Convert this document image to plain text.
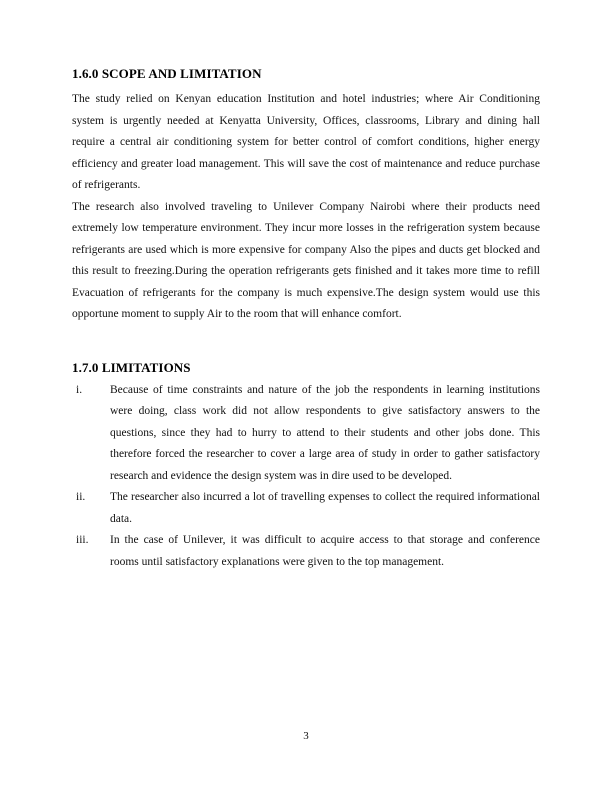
1.6.0 SCOPE AND LIMITATION

The study relied on Kenyan education Institution and hotel industries; where Air Conditioning system is urgently needed at Kenyatta University, Offices, classrooms, Library and dining hall require a central air conditioning system for better control of comfort conditions, higher energy efficiency and greater load management. This will save the cost of maintenance and reduce purchase of refrigerants.

The research also involved traveling to Unilever Company Nairobi where their products need extremely low temperature environment. They incur more losses in the refrigeration system because refrigerants are used which is more expensive for company Also the pipes and ducts get blocked and this result to freezing.During the operation refrigerants gets finished and it takes more time to refill Evacuation of refrigerants for the company is much expensive.The design system would use this opportune moment to supply Air to the room that will enhance comfort.

1.7.0 LIMITATIONS
i.	Because of time constraints and nature of the job the respondents in learning institutions were doing, class work did not allow respondents to give satisfactory answers to the questions, since they had to hurry to attend to their students and other jobs done. This therefore forced the researcher to cover a large area of study in order to gather satisfactory research and evidence the design system was in dire used to be developed.
ii.	The researcher also incurred a lot of travelling expenses to collect the required informational data.
iii.	In the case of Unilever, it was difficult to acquire access to that storage and conference rooms until satisfactory explanations were given to the top management.
3
